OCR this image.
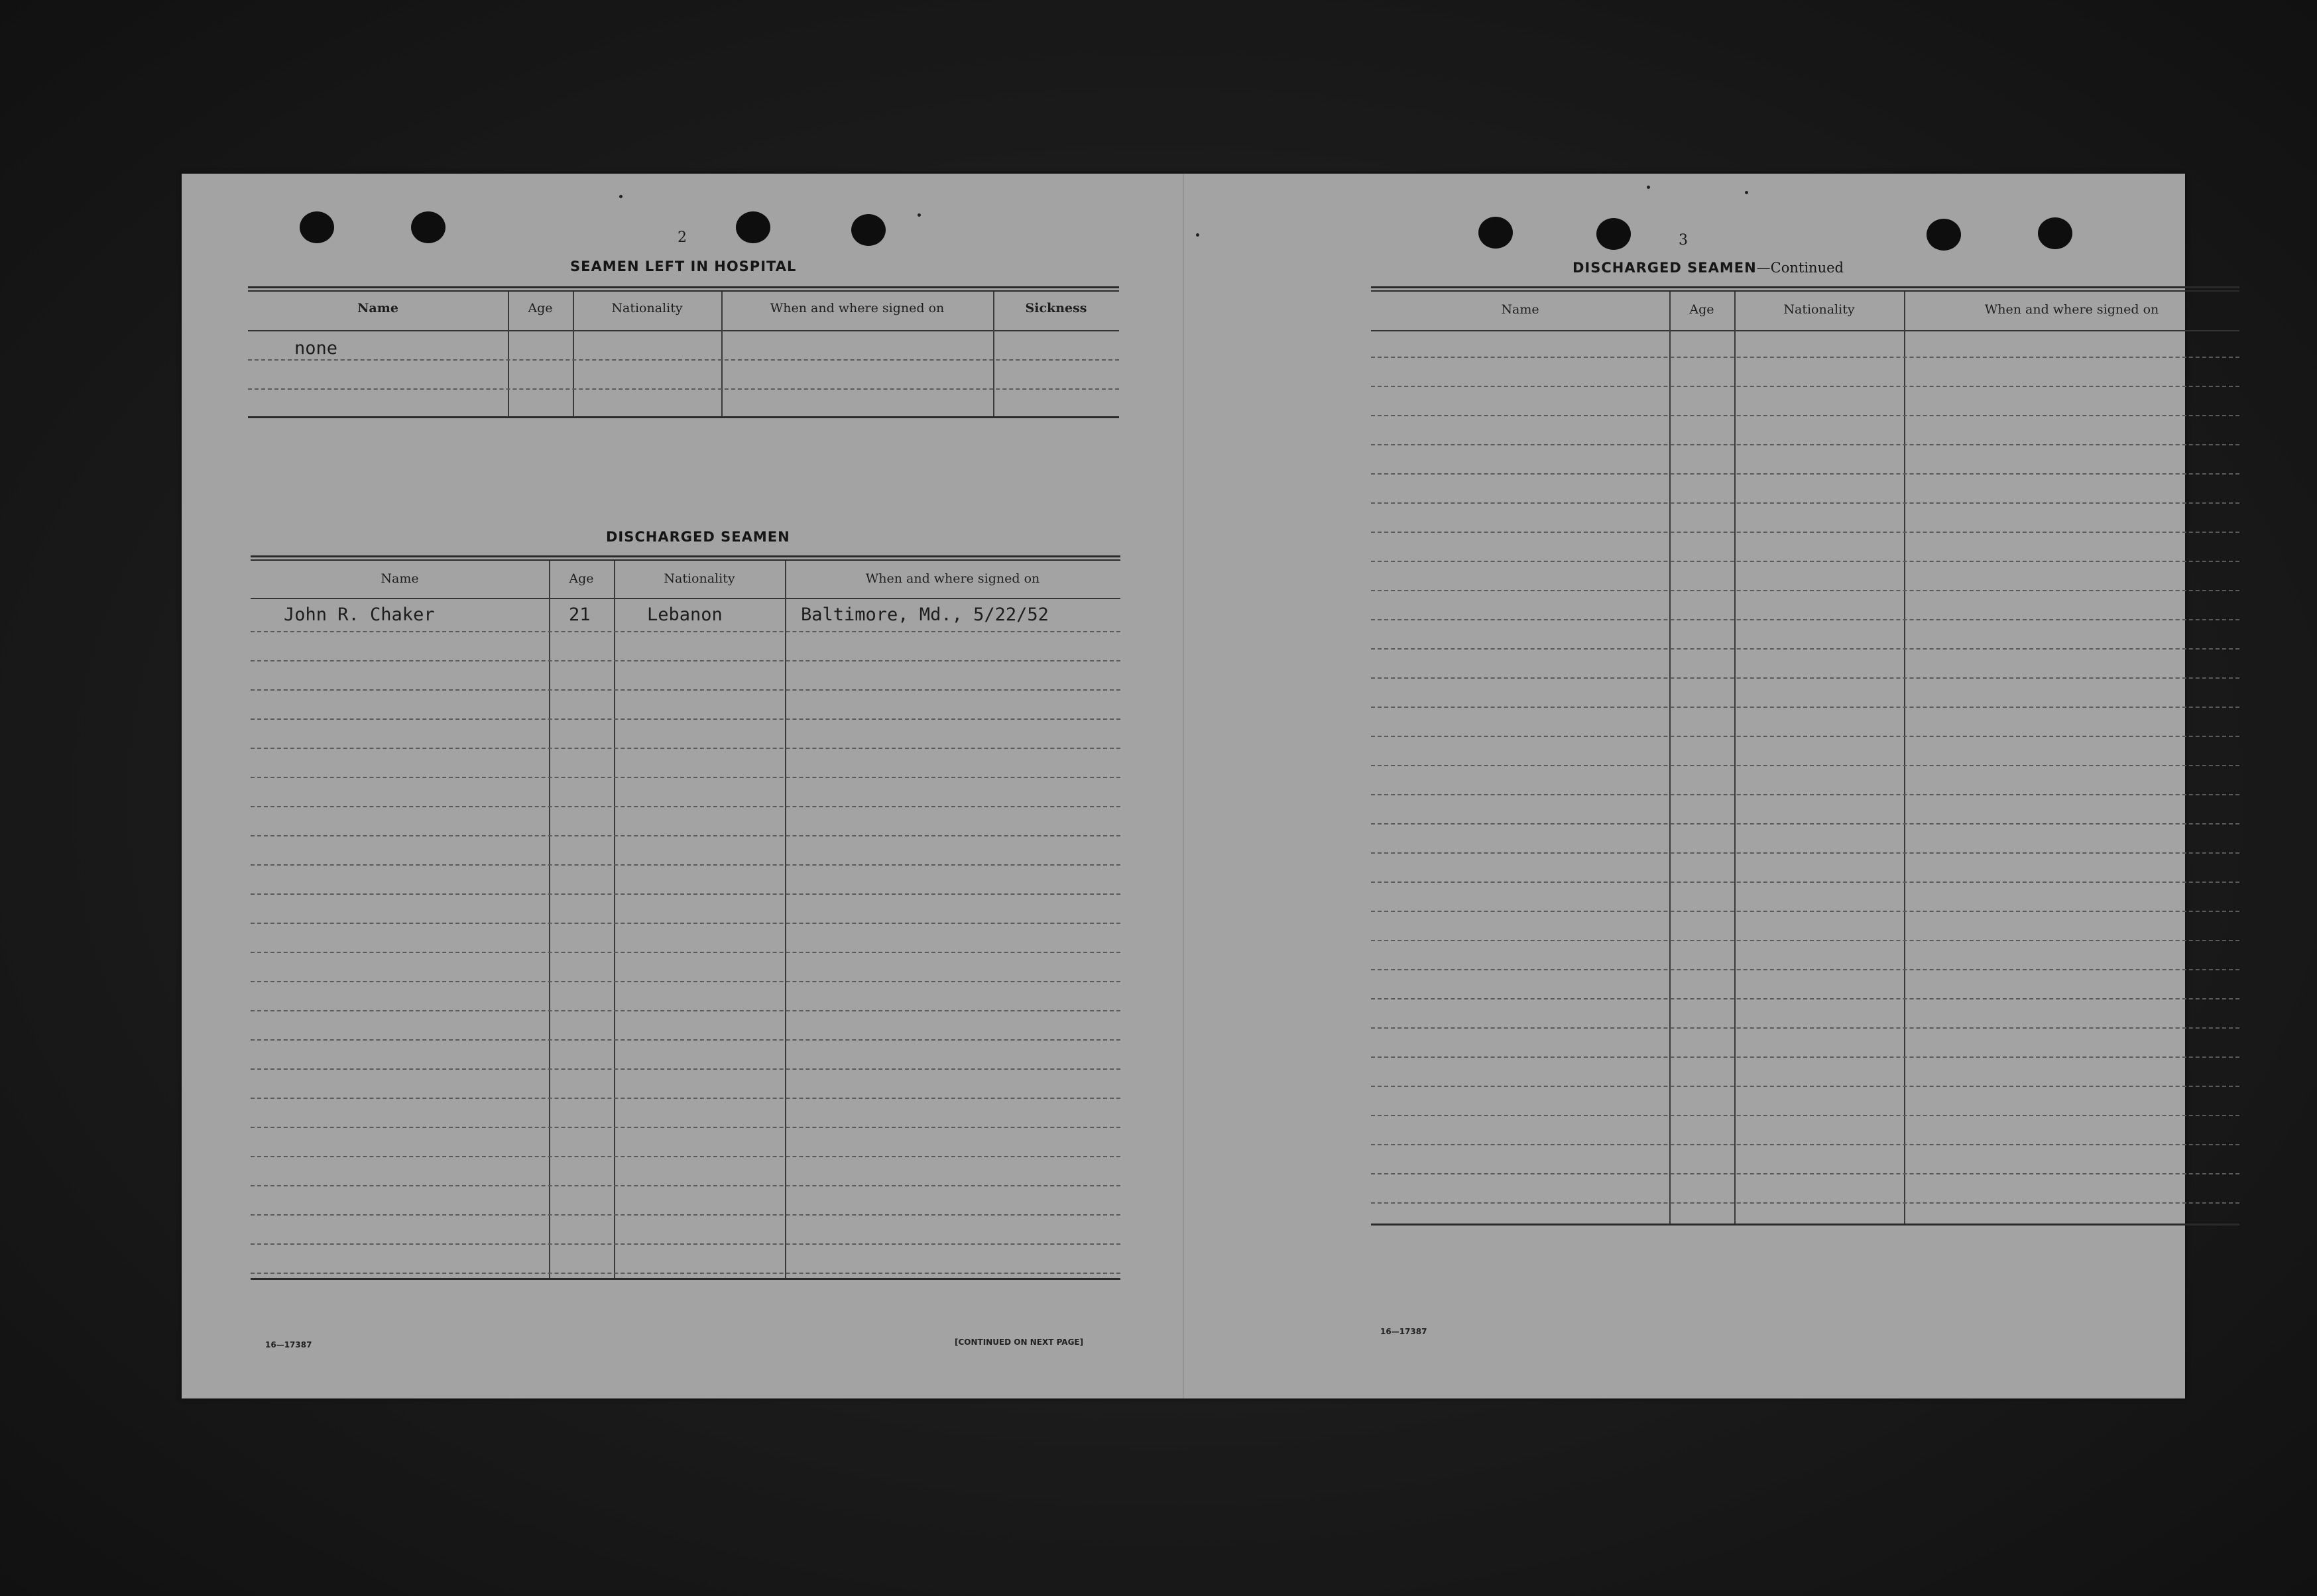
2
SEAMEN LEFT IN HOSPITAL
Name	Age	Nationality	When and where signed on	Sickness
none
DISCHARGED SEAMEN
Name	Age	Nationality	When and where signed on
John R. Chaker	21	Lebanon	Baltimore, Md., 5/22/52
16—17387	[CONTINUED ON NEXT PAGE]
3
DISCHARGED SEAMEN—Continued
Name	Age	Nationality	When and where signed on
16—17387
